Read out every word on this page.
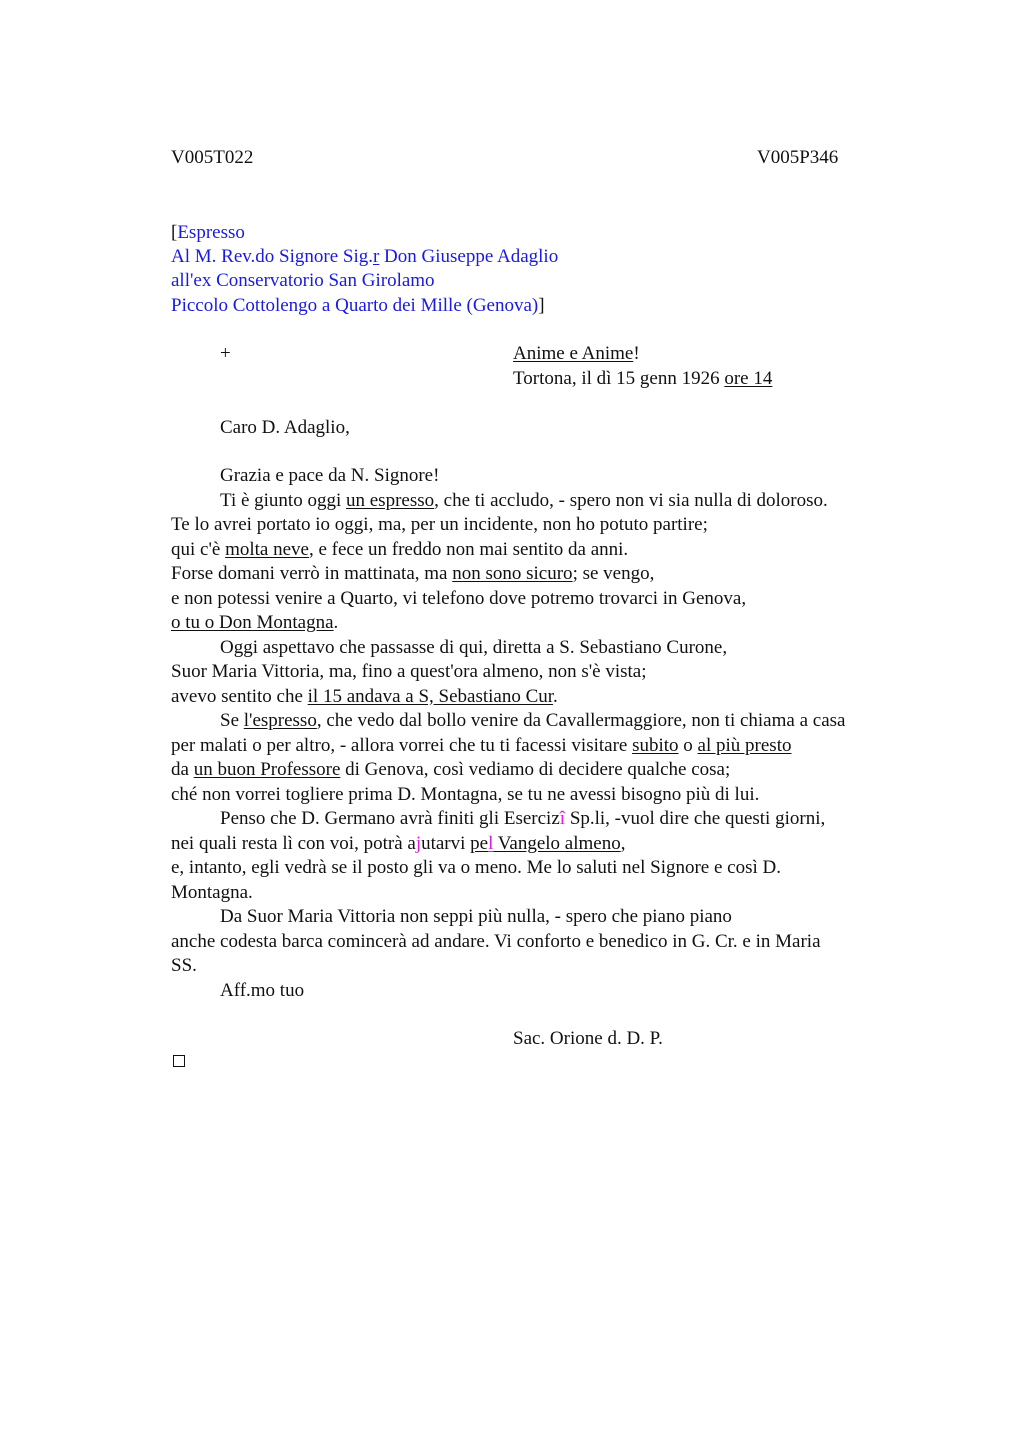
V005T022	V005P346
[Espresso
Al M. Rev.do Signore Sig.r Don Giuseppe Adaglio
all'ex Conservatorio San Girolamo
Piccolo Cottolengo a Quarto dei Mille (Genova)]
+	Anime e Anime!
Tortona, il dì 15 genn 1926 ore 14
Caro D. Adaglio,
Grazia e pace da N. Signore!
Ti è giunto oggi un espresso, che ti accludo, - spero non vi sia nulla di doloroso.
Te lo avrei portato io oggi, ma, per un incidente, non ho potuto partire;
qui c'è molta neve, e fece un freddo non mai sentito da anni.
Forse domani verrò in mattinata, ma non sono sicuro; se vengo,
e non potessi venire a Quarto, vi telefono dove potremo trovarci in Genova,
o tu o Don Montagna.
Oggi aspettavo che passasse di qui, diretta a S. Sebastiano Curone,
Suor Maria Vittoria, ma, fino a quest'ora almeno, non s'è vista;
avevo sentito che il 15 andava a S, Sebastiano Cur.
Se l'espresso, che vedo dal bollo venire da Cavallermaggiore, non ti chiama a casa
per malati o per altro, - allora vorrei che tu ti facessi visitare subito o al più presto
da un buon Professore di Genova, così vediamo di decidere qualche cosa;
ché non vorrei togliere prima D. Montagna, se tu ne avessi bisogno più di lui.
Penso che D. Germano avrà finiti gli Esercizî Sp.li, -vuol dire che questi giorni,
nei quali resta lì con voi, potrà ajutarvi pel Vangelo almeno,
e, intanto, egli vedrà se il posto gli va o meno. Me lo saluti nel Signore e così D.
Montagna.
Da Suor Maria Vittoria non seppi più nulla, - spero che piano piano
anche codesta barca comincerà ad andare. Vi conforto e benedico in G. Cr. e in Maria
SS.
Aff.mo tuo
Sac. Orione d. D. P.
